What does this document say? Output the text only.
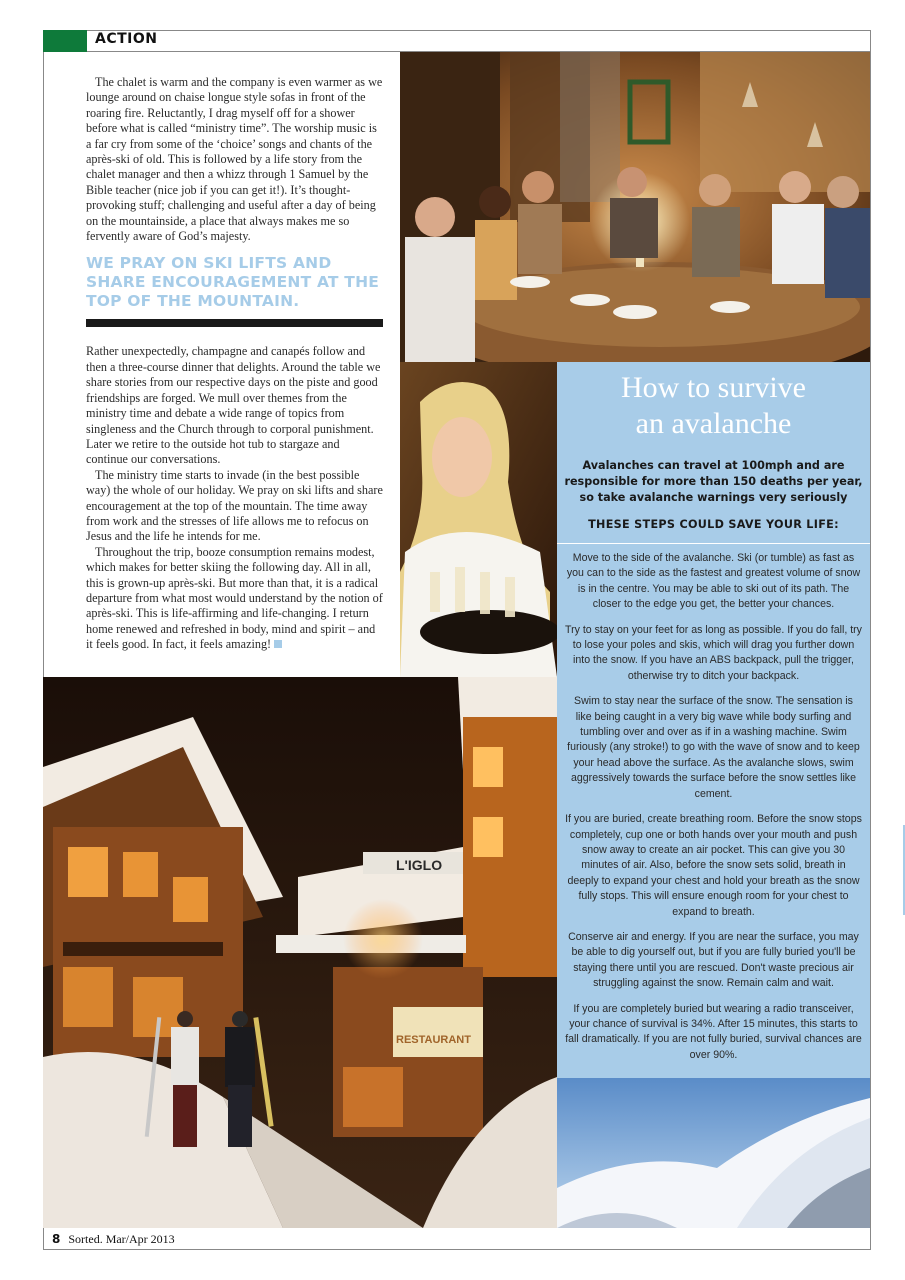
ACTION

The chalet is warm and the company is even warmer as we lounge around on chaise longue style sofas in front of the roaring fire. Reluctantly, I drag myself off for a shower before what is called “ministry time”. The worship music is a far cry from some of the ‘choice’ songs and chants of the après-ski of old. This is followed by a life story from the chalet manager and then a whizz through 1 Samuel by the Bible teacher (nice job if you can get it!). It’s thought-provoking stuff; challenging and useful after a day of being on the mountainside, a place that always makes me so fervently aware of God’s majesty.

WE PRAY ON SKI LIFTS AND SHARE ENCOURAGEMENT AT THE TOP OF THE MOUNTAIN.

Rather unexpectedly, champagne and canapés follow and then a three-course dinner that delights. Around the table we share stories from our respective days on the piste and good friendships are forged. We mull over themes from the ministry time and debate a wide range of topics from singleness and the Church through to corporal punishment. Later we retire to the outside hot tub to stargaze and continue our conversations.

The ministry time starts to invade (in the best possible way) the whole of our holiday. We pray on ski lifts and share encouragement at the top of the mountain. The time away from work and the stresses of life allows me to refocus on Jesus and the life he intends for me.

Throughout the trip, booze consumption remains modest, which makes for better skiing the following day. All in all, this is grown-up après-ski. But more than that, it is a radical departure from what most would understand by the notion of après-ski. This is life-affirming and life-changing. I return home renewed and refreshed in body, mind and spirit – and it feels good. In fact, it feels amazing!

How to survive
an avalanche
Avalanches can travel at 100mph and are responsible for more than 150 deaths per year, so take avalanche warnings very seriously
THESE STEPS COULD SAVE YOUR LIFE:
Move to the side of the avalanche. Ski (or tumble) as fast as you can to the side as the fastest and greatest volume of snow is in the centre. You may be able to ski out of its path. The closer to the edge you get, the better your chances.
Try to stay on your feet for as long as possible. If you do fall, try to lose your poles and skis, which will drag you further down into the snow. If you have an ABS backpack, pull the trigger, otherwise try to ditch your backpack.
Swim to stay near the surface of the snow. The sensation is like being caught in a very big wave while body surfing and tumbling over and over as if in a washing machine. Swim furiously (any stroke!) to go with the wave of snow and to keep your head above the surface. As the avalanche slows, swim aggressively towards the surface before the snow settles like cement.
If you are buried, create breathing room. Before the snow stops completely, cup one or both hands over your mouth and push snow away to create an air pocket. This can give you 30 minutes of air. Also, before the snow sets solid, breath in deeply to expand your chest and hold your breath as the snow fully stops. This will ensure enough room for your chest to expand to breath.
Conserve air and energy. If you are near the surface, you may be able to dig yourself out, but if you are fully buried you'll be staying there until you are rescued. Don't waste precious air struggling against the snow. Remain calm and wait.
If you are completely buried but wearing a radio transceiver, your chance of survival is 34%. After 15 minutes, this starts to fall dramatically. If you are not fully buried, survival chances are over 90%.
L'IGLO
RESTAURANT
8 Sorted. Mar/Apr 2013
